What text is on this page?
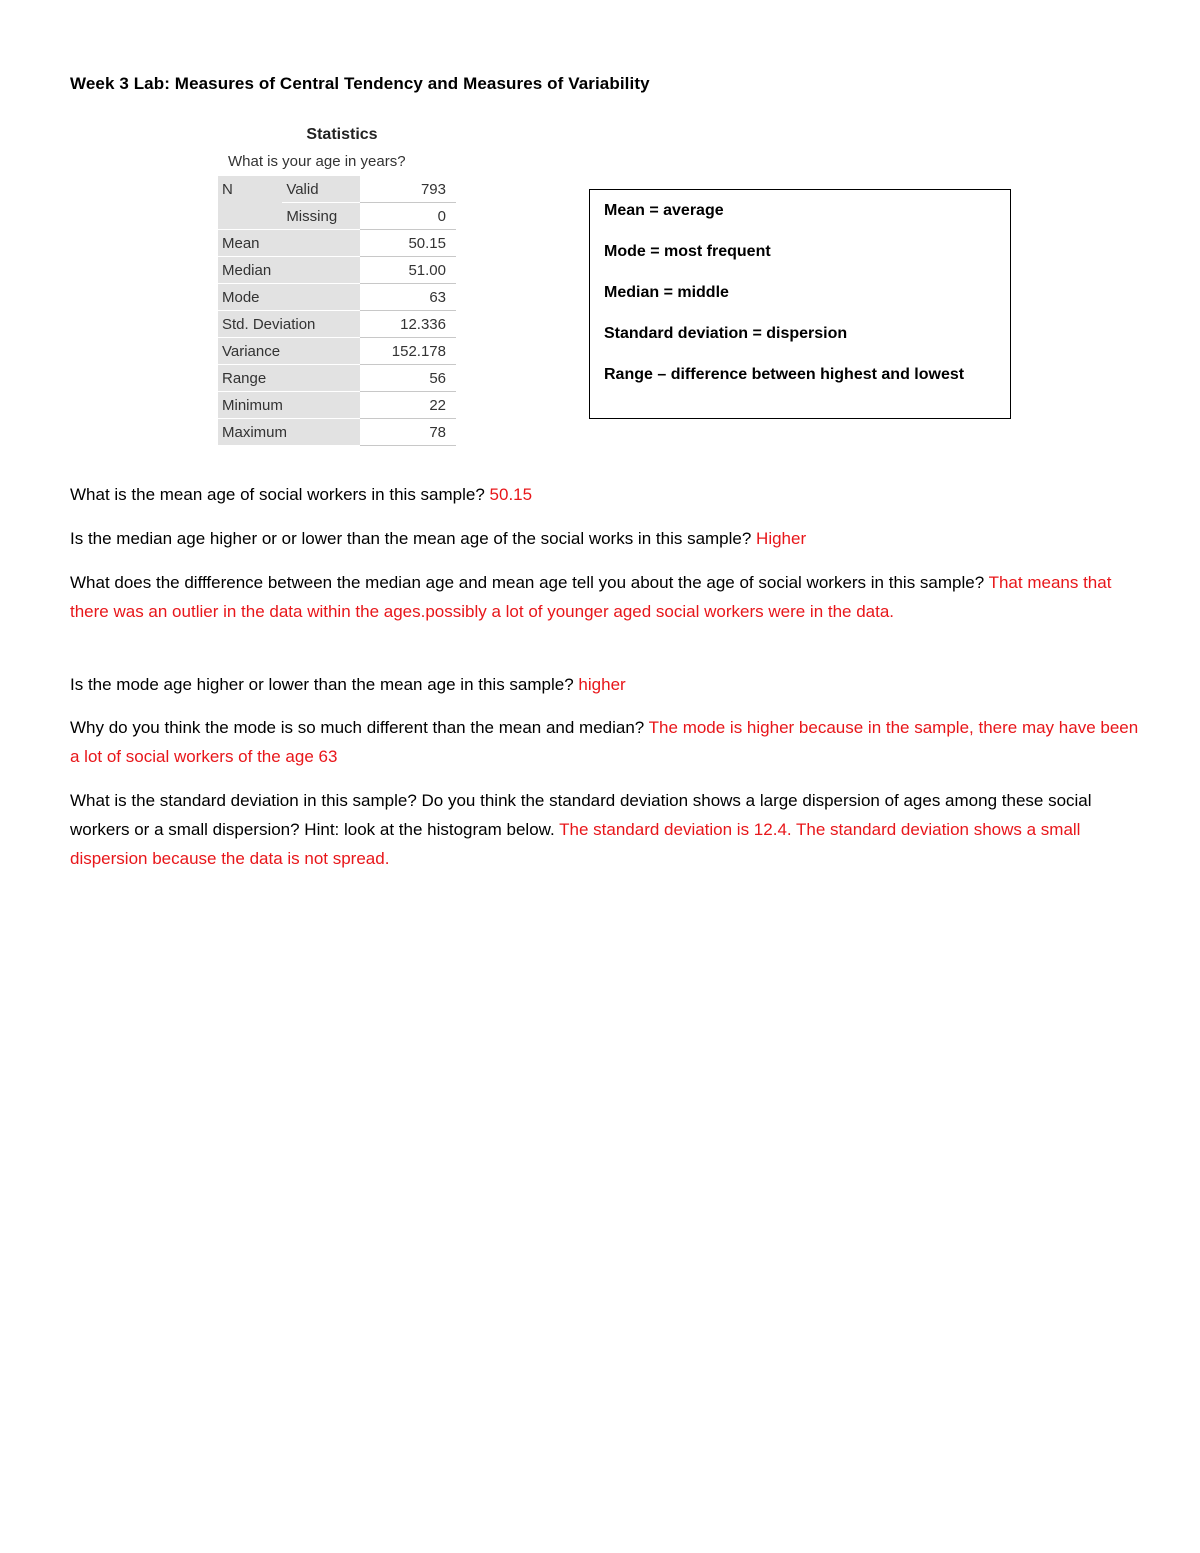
Week 3 Lab: Measures of Central Tendency and Measures of Variability
Statistics
What is your age in years?
N	Valid	793
	Missing	0
Mean		50.15
Median		51.00
Mode		63
Std. Deviation		12.336
Variance		152.178
Range		56
Minimum		22
Maximum		78
Mean = average
Mode = most frequent
Median = middle
Standard deviation = dispersion
Range – difference between highest and lowest
What is the mean age of social workers in this sample? 50.15
Is the median age higher or or lower than the mean age of the social works in this sample? Higher
What does the diffference between the median age and mean age tell you about the age of social workers in this sample? That means that there was an outlier in the data within the ages.possibly a lot of younger aged social workers were in the data.
Is the mode age higher or lower than the mean age in this sample? higher
Why do you think the mode is so much different than the mean and median? The mode is higher because in the sample, there may have been a lot of social workers of the age 63
What is the standard deviation in this sample? Do you think the standard deviation shows a large dispersion of ages among these social workers or a small dispersion? Hint: look at the histogram below. The standard deviation is 12.4. The standard deviation shows a small dispersion because the data is not spread.
